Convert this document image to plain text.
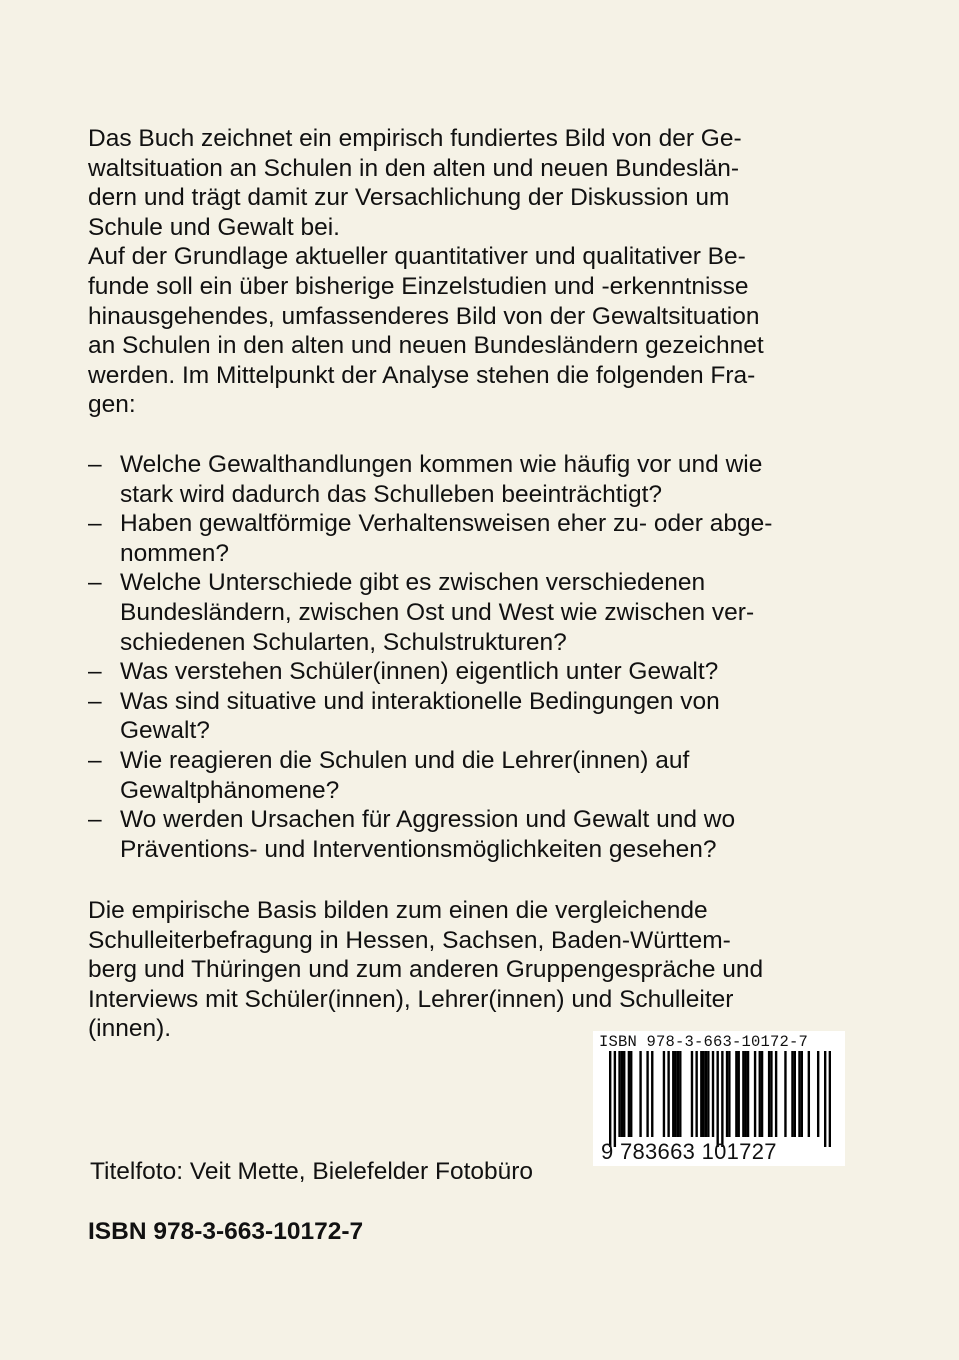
Das Buch zeichnet ein empirisch fundiertes Bild von der Ge-

waltsituation an Schulen in den alten und neuen Bundeslän-

dern und trägt damit zur Versachlichung der Diskussion um

Schule und Gewalt bei.

Auf der Grundlage aktueller quantitativer und qualitativer Be-

funde soll ein über bisherige Einzelstudien und -erkenntnisse

hinausgehendes, umfassenderes Bild von der Gewaltsituation

an Schulen in den alten und neuen Bundesländern gezeichnet

werden. Im Mittelpunkt der Analyse stehen die folgenden Fra-

gen:

– Welche Gewalthandlungen kommen wie häufig vor und wie
stark wird dadurch das Schulleben beeinträchtigt?
– Haben gewaltförmige Verhaltensweisen eher zu- oder abge-
nommen?
– Welche Unterschiede gibt es zwischen verschiedenen
Bundesländern, zwischen Ost und West wie zwischen ver-
schiedenen Schularten, Schulstrukturen?
– Was verstehen Schüler(innen) eigentlich unter Gewalt?
– Was sind situative und interaktionelle Bedingungen von
Gewalt?
– Wie reagieren die Schulen und die Lehrer(innen) auf
Gewaltphänomene?
– Wo werden Ursachen für Aggression und Gewalt und wo
Präventions- und Interventionsmöglichkeiten gesehen?

Die empirische Basis bilden zum einen die vergleichende

Schulleiterbefragung in Hessen, Sachsen, Baden-Württem-

berg und Thüringen und zum anderen Gruppengespräche und

Interviews mit Schüler(innen), Lehrer(innen) und Schulleiter

(innen).	ISBN 978-3-663-10172-7
9 783663 101727
Titelfoto: Veit Mette, Bielefelder Fotobüro
ISBN 978-3-663-10172-7
